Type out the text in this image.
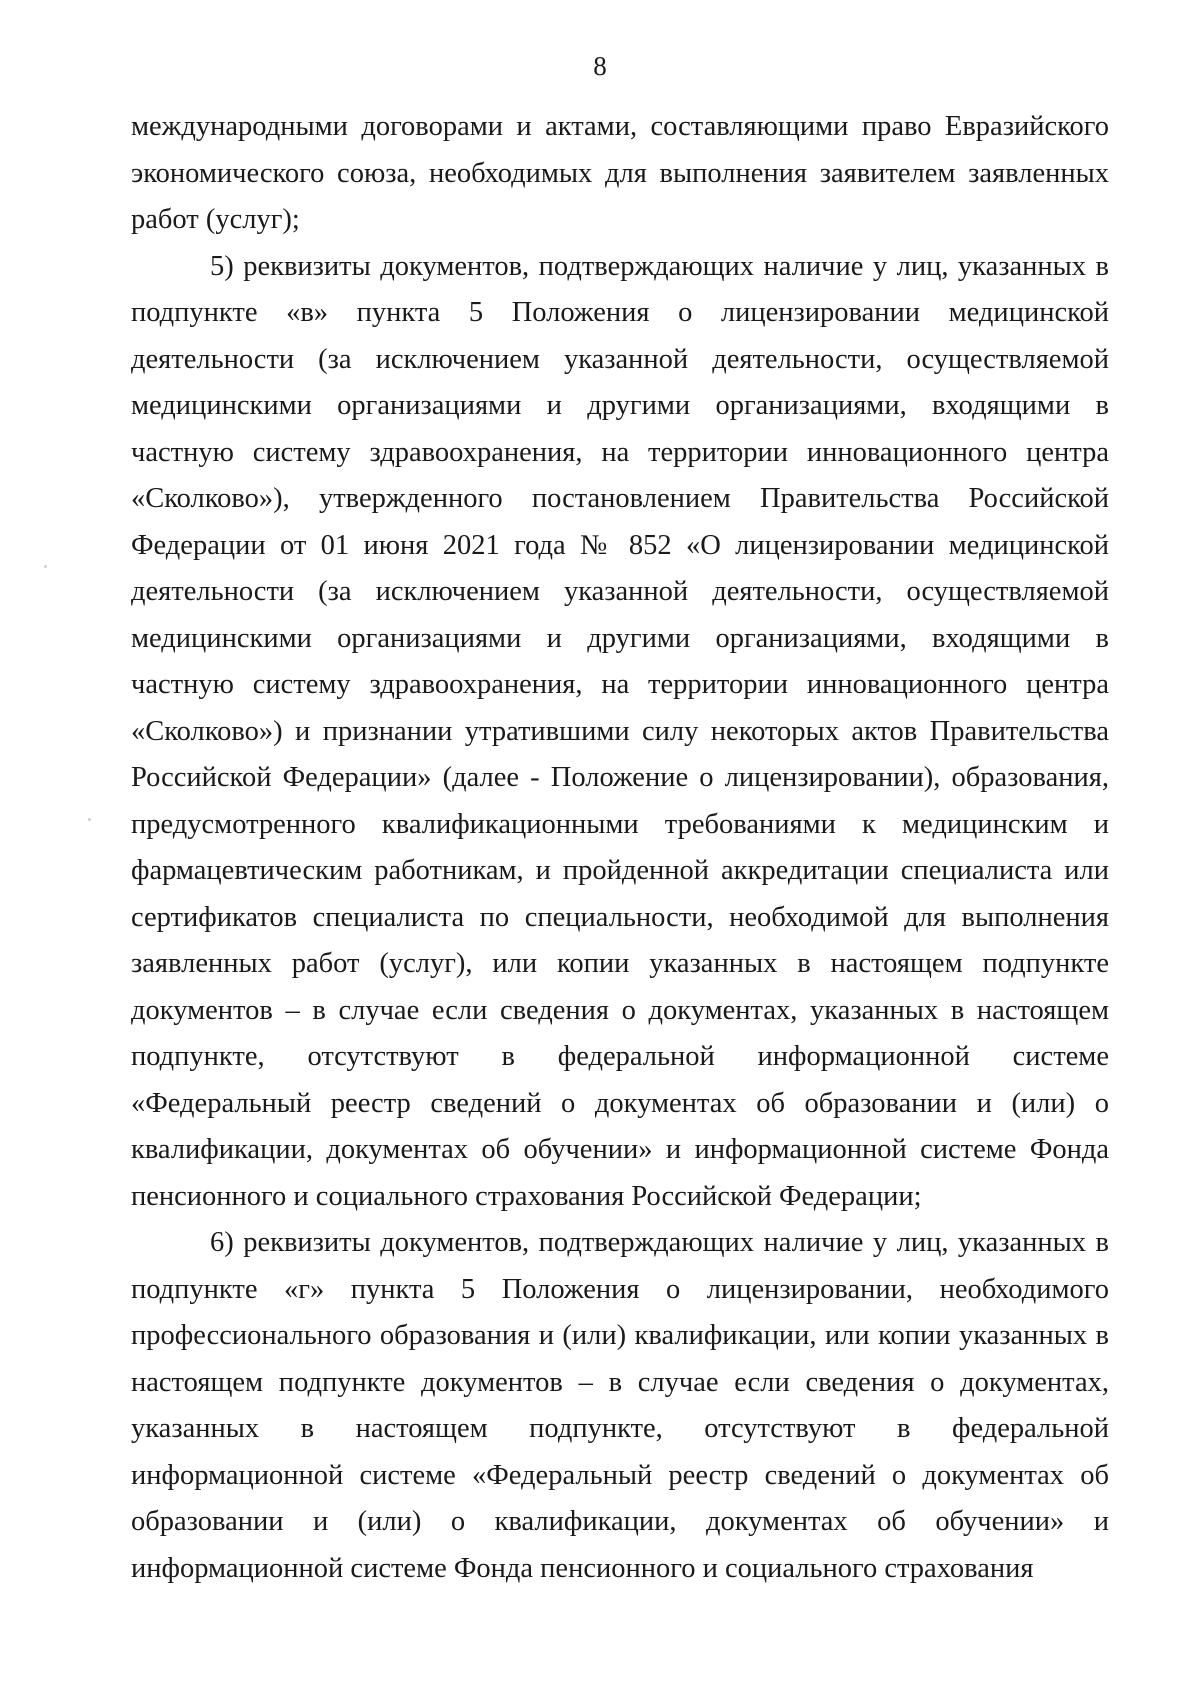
8

международными договорами и актами, составляющими право Евразийского экономического союза, необходимых для выполнения заявителем заявленных работ (услуг);

5) реквизиты документов, подтверждающих наличие у лиц, указанных в подпункте «в» пункта 5 Положения о лицензировании медицинской деятельности (за исключением указанной деятельности, осуществляемой медицинскими организациями и другими организациями, входящими в частную систему здравоохранения, на территории инновационного центра «Сколково»), утвержденного постановлением Правительства Российской Федерации от 01 июня 2021 года № 852 «О лицензировании медицинской деятельности (за исключением указанной деятельности, осуществляемой медицинскими организациями и другими организациями, входящими в частную систему здравоохранения, на территории инновационного центра «Сколково») и признании утратившими силу некоторых актов Правительства Российской Федерации» (далее - Положение о лицензировании), образования, предусмотренного квалификационными требованиями к медицинским и фармацевтическим работникам, и пройденной аккредитации специалиста или сертификатов специалиста по специальности, необходимой для выполнения заявленных работ (услуг), или копии указанных в настоящем подпункте документов – в случае если сведения о документах, указанных в настоящем подпункте, отсутствуют в федеральной информационной системе «Федеральный реестр сведений о документах об образовании и (или) о квалификации, документах об обучении» и информационной системе Фонда пенсионного и социального страхования Российской Федерации;

6) реквизиты документов, подтверждающих наличие у лиц, указанных в подпункте «г» пункта 5 Положения о лицензировании, необходимого профессионального образования и (или) квалификации, или копии указанных в настоящем подпункте документов – в случае если сведения о документах, указанных в настоящем подпункте, отсутствуют в федеральной информационной системе «Федеральный реестр сведений о документах об образовании и (или) о квалификации, документах об обучении» и информационной системе Фонда пенсионного и социального страхования
